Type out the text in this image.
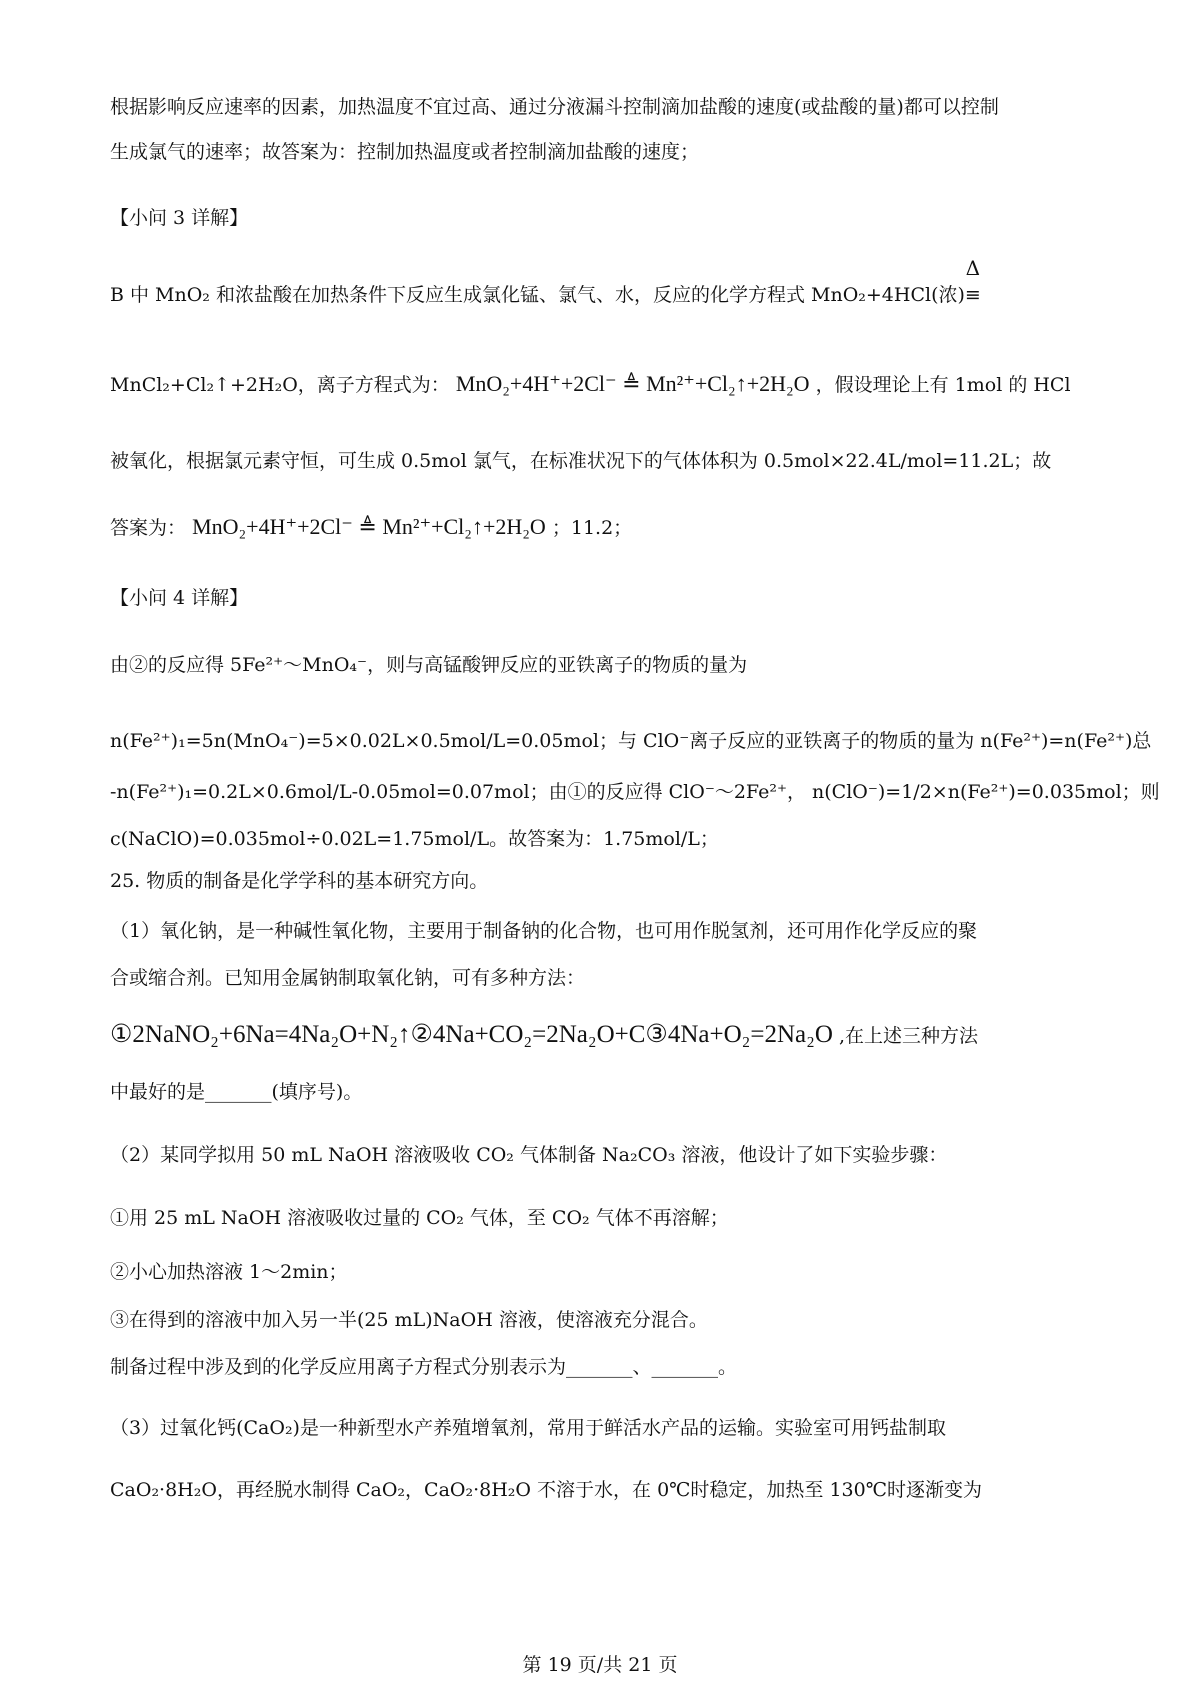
根据影响反应速率的因素，加热温度不宜过高、通过分液漏斗控制滴加盐酸的速度(或盐酸的量)都可以控制
生成氯气的速率；故答案为：控制加热温度或者控制滴加盐酸的速度；
【小问 3 详解】
B 中 MnO₂ 和浓盐酸在加热条件下反应生成氯化锰、氯气、水，反应的化学方程式 MnO₂+4HCl(浓)
Δ
≡
MnCl₂+Cl₂↑+2H₂O，离子方程式为： MnO₂+4H⁺+2Cl⁻ ≜ Mn²⁺+Cl₂↑+2H₂O ，假设理论上有 1mol 的 HCl
被氧化，根据氯元素守恒，可生成 0.5mol 氯气，在标准状况下的气体体积为 0.5mol×22.4L/mol=11.2L；故
答案为： MnO₂+4H⁺+2Cl⁻ ≜ Mn²⁺+Cl₂↑+2H₂O ；11.2；
【小问 4 详解】
由②的反应得 5Fe²⁺～MnO₄⁻，则与高锰酸钾反应的亚铁离子的物质的量为
n(Fe²⁺)₁=5n(MnO₄⁻)=5×0.02L×0.5mol/L=0.05mol；与 ClO⁻离子反应的亚铁离子的物质的量为 n(Fe²⁺)=n(Fe²⁺)总
-n(Fe²⁺)₁=0.2L×0.6mol/L-0.05mol=0.07mol；由①的反应得 ClO⁻～2Fe²⁺， n(ClO⁻)=1/2×n(Fe²⁺)=0.035mol；则
c(NaClO)=0.035mol÷0.02L=1.75mol/L。故答案为：1.75mol/L；
25. 物质的制备是化学学科的基本研究方向。
（1）氧化钠，是一种碱性氧化物，主要用于制备钠的化合物，也可用作脱氢剂，还可用作化学反应的聚
合或缩合剂。已知用金属钠制取氧化钠，可有多种方法：
①2NaNO₂+6Na=4Na₂O+N₂↑②4Na+CO₂=2Na₂O+C③4Na+O₂=2Na₂O ,在上述三种方法
中最好的是_______(填序号)。
（2）某同学拟用 50 mL NaOH 溶液吸收 CO₂ 气体制备 Na₂CO₃ 溶液，他设计了如下实验步骤：
①用 25 mL NaOH 溶液吸收过量的 CO₂ 气体，至 CO₂ 气体不再溶解；
②小心加热溶液 1～2min；
③在得到的溶液中加入另一半(25 mL)NaOH 溶液，使溶液充分混合。
制备过程中涉及到的化学反应用离子方程式分别表示为_______、_______。
（3）过氧化钙(CaO₂)是一种新型水产养殖增氧剂，常用于鲜活水产品的运输。实验室可用钙盐制取
CaO₂·8H₂O，再经脱水制得 CaO₂，CaO₂·8H₂O 不溶于水，在 0℃时稳定，加热至 130℃时逐渐变为
第 19 页/共 21 页
